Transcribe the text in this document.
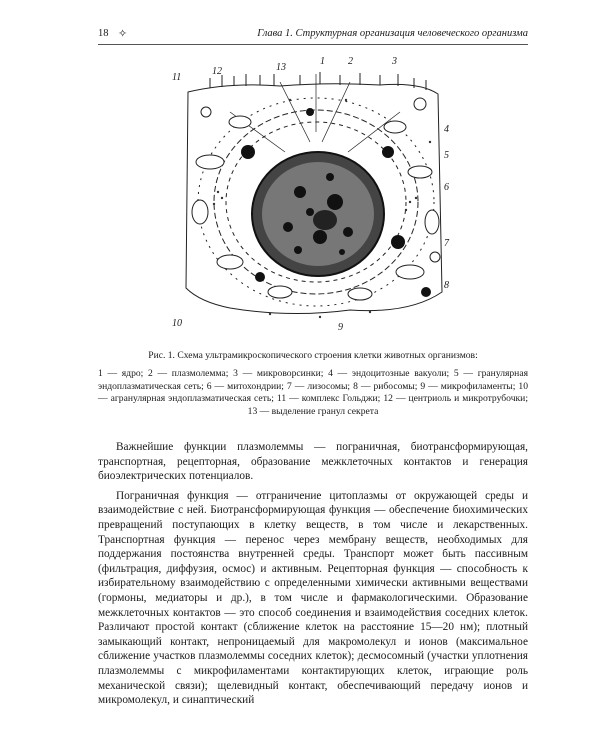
18 ✧	Глава 1. Структурная организация человеческого организма
11
12	13
1 2	3
4
5
6
7
8
9
10
Рис. 1. Схема ультрамикроскопического строения клетки животных организмов:
1 — ядро; 2 — плазмолемма; 3 — микроворсинки; 4 — эндоцитозные вакуоли; 5 — гранулярная эндоплазматическая сеть; 6 — митохондрии; 7 — лизосомы; 8 — рибосомы; 9 — микрофиламенты; 10 — агранулярная эндоплазматическая сеть; 11 — комплекс Гольджи; 12 — центриоль и микротрубочки; 13 — выделение гранул секрета

Важнейшие функции плазмолеммы — пограничная, биотрансформирующая, транспортная, рецепторная, образование межклеточных контактов и генерация биоэлектрических потенциалов.

Пограничная функция — отграничение цитоплазмы от окружающей среды и взаимодействие с ней. Биотрансформирующая функция — обеспечение биохимических превращений поступающих в клетку веществ, в том числе и лекарственных. Транспортная функция — перенос через мембрану веществ, необходимых для поддержания постоянства внутренней среды. Транспорт может быть пассивным (фильтрация, диффузия, осмос) и активным. Рецепторная функция — способность к избирательному взаимодействию с определенными химически активными веществами (гормоны, медиаторы и др.), в том числе и фармакологическими. Образование межклеточных контактов — это способ соединения и взаимодействия соседних клеток. Различают простой контакт (сближение клеток на расстояние 15—20 нм); плотный замыкающий контакт, непроницаемый для макромолекул и ионов (максимальное сближение участков плазмолеммы соседних клеток); десмосомный (участки уплотнения плазмолеммы с микрофиламентами контактирующих клеток, играющие роль механической связи); щелевидный контакт, обеспечивающий передачу ионов и микромолекул, и синаптический
